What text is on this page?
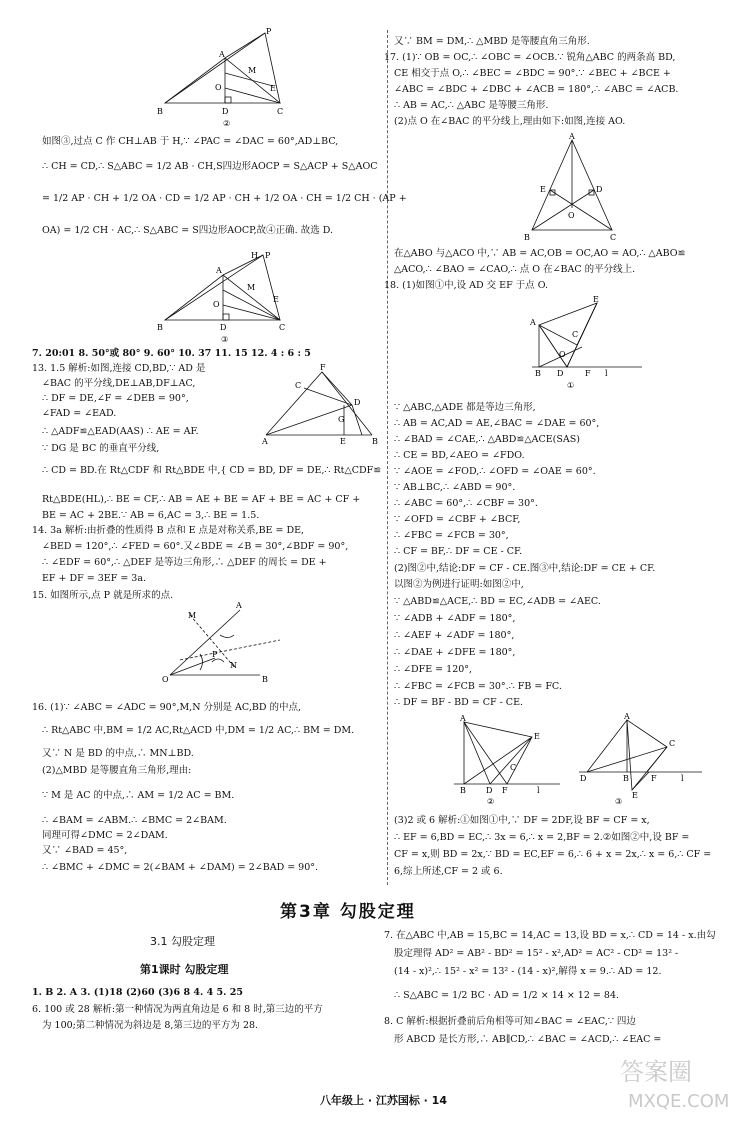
A
P
M
O	E
B	D	C
②
如图③,过点 C 作 CH⊥AB 于 H,∵ ∠PAC = ∠DAC = 60°,AD⊥BC,
∴ CH = CD,∴ S△ABC = 1/2 AB · CH,S四边形AOCP = S△ACP + S△AOC
= 1/2 AP · CH + 1/2 OA · CD = 1/2 AP · CH + 1/2 OA · CH = 1/2 CH · (AP +
OA) = 1/2 CH · AC,∴ S△ABC = S四边形AOCP,故④正确. 故选 D.
A
H P
M
O
E
B	D	C
③
7. 20:01 8. 50°或 80° 9. 60° 10. 37 11. 15 12. 4 : 6 : 5
13. 1.5 解析:如图,连接 CD,BD,∵ AD 是
∠BAC 的平分线,DE⊥AB,DF⊥AC,
∴ DF = DE,∠F = ∠DEB = 90°,
∠FAD = ∠EAD.
∴ △ADF≌△EAD(AAS) ∴ AE = AF.
∵ DG 是 BC 的垂直平分线,
F
C
D
G
A	E	B
∴ CD = BD.在 Rt△CDF 和 Rt△BDE 中,{ CD = BD, DF = DE,∴ Rt△CDF≌
Rt△BDE(HL),∴ BE = CF,∴ AB = AE + BE = AF + BE = AC + CF +
BE = AC + 2BE.∵ AB = 6,AC = 3,∴ BE = 1.5.
14. 3a 解析:由折叠的性质得 B 点和 E 点是对称关系,BE = DE,
∠BED = 120°,∴ ∠FED = 60°.又∠BDE = ∠B = 30°,∠BDF = 90°,
∴ ∠EDF = 60°,∴ △DEF 是等边三角形,∴ △DEF 的周长 = DE +
EF + DF = 3EF = 3a.
15. 如图所示,点 P 就是所求的点.
A
M
N
P
O	B
16. (1)∵ ∠ABC = ∠ADC = 90°,M,N 分别是 AC,BD 的中点,
∴ Rt△ABC 中,BM = 1/2 AC,Rt△ACD 中,DM = 1/2 AC,∴ BM = DM.
又∵ N 是 BD 的中点,∴ MN⊥BD.
(2)△MBD 是等腰直角三角形,理由:
∵ M 是 AC 的中点,∴ AM = 1/2 AC = BM.
∴ ∠BAM = ∠ABM.∴ ∠BMC = 2∠BAM.
同理可得∠DMC = 2∠DAM.
又∵ ∠BAD = 45°,
∴ ∠BMC + ∠DMC = 2(∠BAM + ∠DAM) = 2∠BAD = 90°.
又∵ BM = DM,∴ △MBD 是等腰直角三角形.
17. (1)∵ OB = OC,∴ ∠OBC = ∠OCB.∵ 锐角△ABC 的两条高 BD,
CE 相交于点 O,∴ ∠BEC = ∠BDC = 90°.∵ ∠BEC + ∠BCE +
∠ABC = ∠BDC + ∠DBC + ∠ACB = 180°,∴ ∠ABC = ∠ACB.
∴ AB = AC,∴ △ABC 是等腰三角形.
(2)点 O 在∠BAC 的平分线上,理由如下:如图,连接 AO.
A
E	D
O
B	C
在△ABO 与△ACO 中,∵ AB = AC,OB = OC,AO = AO,∴ △ABO≌
△ACO,∴ ∠BAO = ∠CAO,∴ 点 O 在∠BAC 的平分线上.
18. (1)如图①中,设 AD 交 EF 于点 O.
A
E
C
O
B D	F l
①
∵ △ABC,△ADE 都是等边三角形,
∴ AB = AC,AD = AE,∠BAC = ∠DAE = 60°,
∴ ∠BAD = ∠CAE,∴ △ABD≌△ACE(SAS)
∴ CE = BD,∠AEO = ∠FDO.
∵ ∠AOE = ∠FOD,∴ ∠OFD = ∠OAE = 60°.
∵ AB⊥BC,∴ ∠ABD = 90°.
∴ ∠ABC = 60°,∴ ∠CBF = 30°.
∵ ∠OFD = ∠CBF + ∠BCF,
∴ ∠FBC = ∠FCB = 30°,
∴ CF = BF,∴ DF = CE - CF.
(2)图②中,结论:DF = CF - CE.图③中,结论:DF = CE + CF.
以图②为例进行证明:如图②中,
∵ △ABD≌△ACE,∴ BD = EC,∠ADB = ∠AEC.
∵ ∠ADB + ∠ADF = 180°,
∴ ∠AEF + ∠ADF = 180°,
∴ ∠DAE + ∠DFE = 180°,
∴ ∠DFE = 120°,
∴ ∠FBC = ∠FCB = 30°.∴ FB = FC.
∴ DF = BF - BD = CF - CE.
A
E
C
B	D F	l
②
A
C
D	B	F	l
E
③
(3)2 或 6 解析:①如图①中,∵ DF = 2DF,设 BF = CF = x,
∴ EF = 6,BD = EC,∴ 3x = 6,∴ x = 2,BF = 2.②如图②中,设 BF =
CF = x,则 BD = 2x,∵ BD = EC,EF = 6,∴ 6 + x = 2x,∴ x = 6,∴ CF =
6,综上所述,CF = 2 或 6.
第3章 勾股定理
3.1 勾股定理
第1课时 勾股定理
1. B 2. A 3. (1)18 (2)60 (3)6 8 4. 4 5. 25
6. 100 或 28 解析:第一种情况为两直角边是 6 和 8 时,第三边的平方
为 100;第二种情况为斜边是 8,第三边的平方为 28.
7. 在△ABC 中,AB = 15,BC = 14,AC = 13,设 BD = x,∴ CD = 14 - x.由勾
股定理得 AD² = AB² - BD² = 15² - x²,AD² = AC² - CD² = 13² -
(14 - x)²,∴ 15² - x² = 13² - (14 - x)²,解得 x = 9.∴ AD = 12.
∴ S△ABC = 1/2 BC · AD = 1/2 × 14 × 12 = 84.
8. C 解析:根据折叠前后角相等可知∠BAC = ∠EAC,∵ 四边
形 ABCD 是长方形,∴ AB∥CD,∴ ∠BAC = ∠ACD,∴ ∠EAC =
八年级上 · 江苏国标 · 14
答案圈
MXQE.COM
